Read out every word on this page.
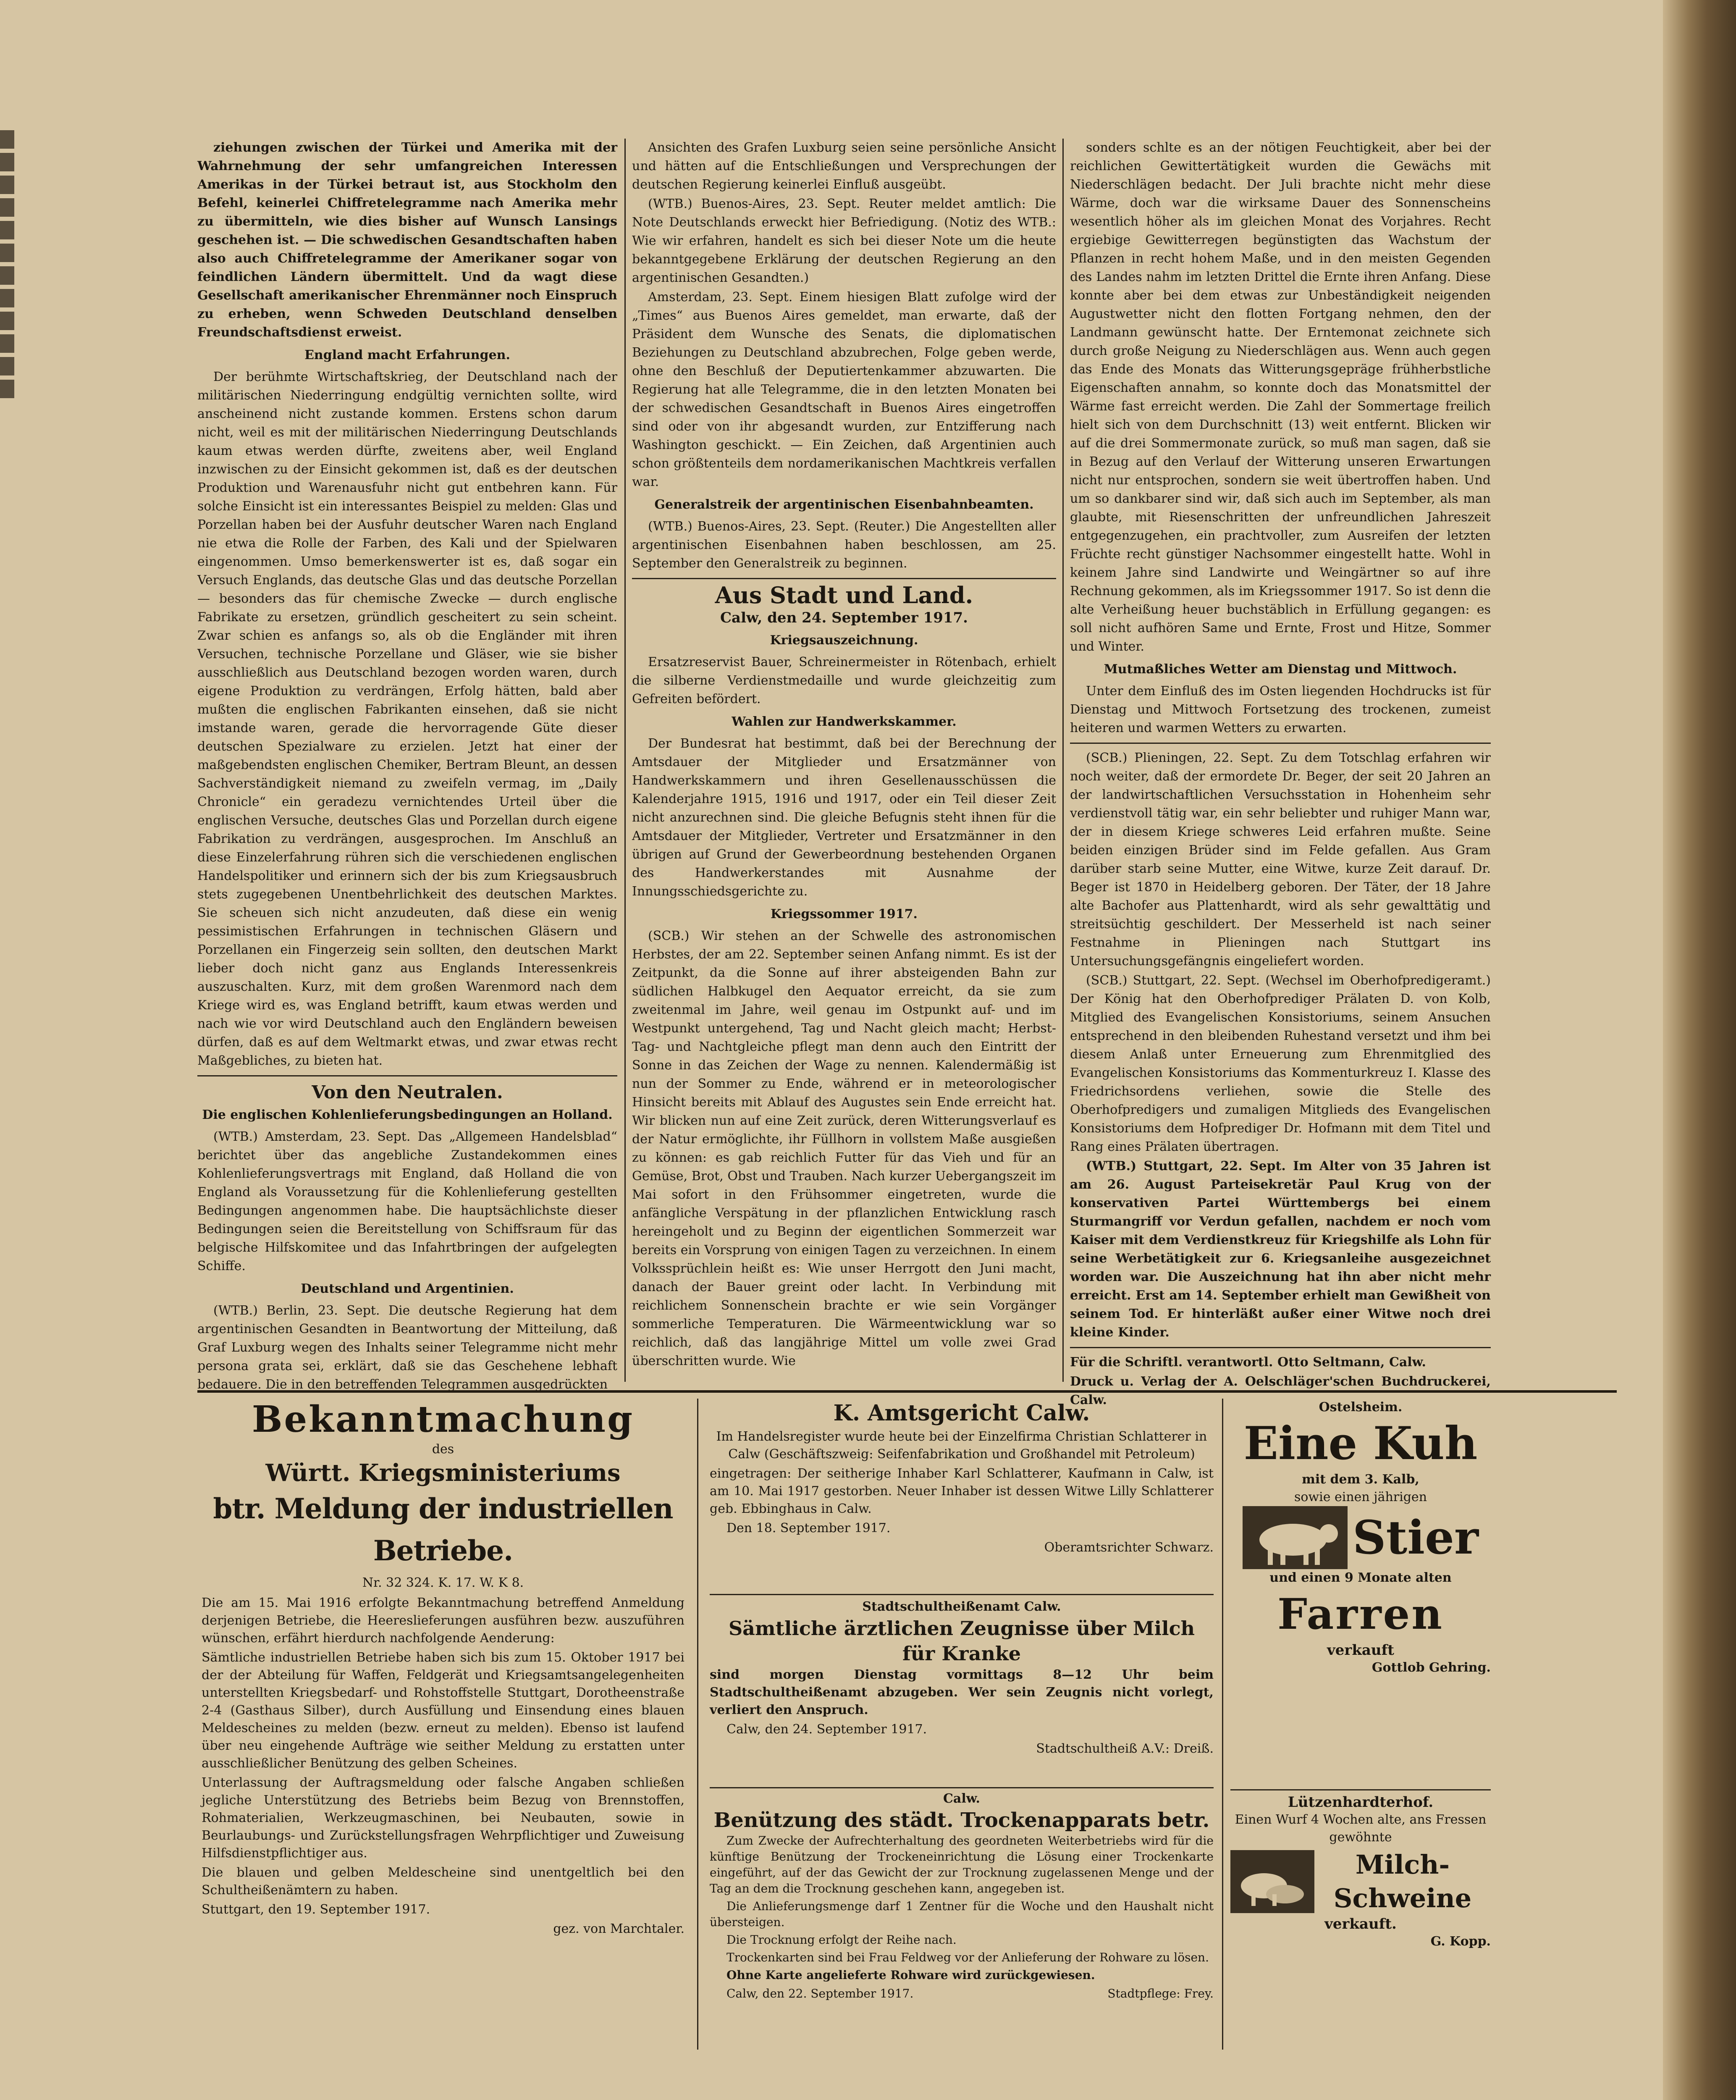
ziehungen zwischen der Türkei und Amerika mit der Wahrnehmung der sehr umfangreichen Interessen Amerikas in der Türkei betraut ist, aus Stockholm den Befehl, keinerlei Chiffretelegramme nach Amerika mehr zu übermitteln, wie dies bisher auf Wunsch Lansings geschehen ist. — Die schwedischen Gesandtschaften haben also auch Chiffretelegramme der Amerikaner sogar von feindlichen Ländern übermittelt. Und da wagt diese Gesellschaft amerikanischer Ehrenmänner noch Einspruch zu erheben, wenn Schweden Deutschland denselben Freundschaftsdienst erweist.

England macht Erfahrungen.

Der berühmte Wirtschaftskrieg, der Deutschland nach der militärischen Niederringung endgültig vernichten sollte, wird anscheinend nicht zustande kommen. Erstens schon darum nicht, weil es mit der militärischen Niederringung Deutschlands kaum etwas werden dürfte, zweitens aber, weil England inzwischen zu der Einsicht gekommen ist, daß es der deutschen Produktion und Warenausfuhr nicht gut entbehren kann. Für solche Einsicht ist ein interessantes Beispiel zu melden: Glas und Porzellan haben bei der Ausfuhr deutscher Waren nach England nie etwa die Rolle der Farben, des Kali und der Spielwaren eingenommen. Umso bemerkenswerter ist es, daß sogar ein Versuch Englands, das deutsche Glas und das deutsche Porzellan — besonders das für chemische Zwecke — durch englische Fabrikate zu ersetzen, gründlich gescheitert zu sein scheint. Zwar schien es anfangs so, als ob die Engländer mit ihren Versuchen, technische Porzellane und Gläser, wie sie bisher ausschließlich aus Deutschland bezogen worden waren, durch eigene Produktion zu verdrängen, Erfolg hätten, bald aber mußten die englischen Fabrikanten einsehen, daß sie nicht imstande waren, gerade die hervorragende Güte dieser deutschen Spezialware zu erzielen. Jetzt hat einer der maßgebendsten englischen Chemiker, Bertram Bleunt, an dessen Sachverständigkeit niemand zu zweifeln vermag, im „Daily Chronicle“ ein geradezu vernichtendes Urteil über die englischen Versuche, deutsches Glas und Porzellan durch eigene Fabrikation zu verdrängen, ausgesprochen. Im Anschluß an diese Einzelerfahrung rühren sich die verschiedenen englischen Handelspolitiker und erinnern sich der bis zum Kriegsausbruch stets zugegebenen Unentbehrlichkeit des deutschen Marktes. Sie scheuen sich nicht anzudeuten, daß diese ein wenig pessimistischen Erfahrungen in technischen Gläsern und Porzellanen ein Fingerzeig sein sollten, den deutschen Markt lieber doch nicht ganz aus Englands Interessenkreis auszuschalten. Kurz, mit dem großen Warenmord nach dem Kriege wird es, was England betrifft, kaum etwas werden und nach wie vor wird Deutschland auch den Engländern beweisen dürfen, daß es auf dem Weltmarkt etwas, und zwar etwas recht Maßgebliches, zu bieten hat.

Von den Neutralen.
Die englischen Kohlenlieferungsbedingungen an Holland.

(WTB.) Amsterdam, 23. Sept. Das „Allgemeen Handelsblad“ berichtet über das angebliche Zustandekommen eines Kohlenlieferungsvertrags mit England, daß Holland die von England als Voraussetzung für die Kohlenlieferung gestellten Bedingungen angenommen habe. Die hauptsächlichste dieser Bedingungen seien die Bereitstellung von Schiffsraum für das belgische Hilfskomitee und das Infahrtbringen der aufgelegten Schiffe.

Deutschland und Argentinien.

(WTB.) Berlin, 23. Sept. Die deutsche Regierung hat dem argentinischen Gesandten in Beantwortung der Mitteilung, daß Graf Luxburg wegen des Inhalts seiner Telegramme nicht mehr persona grata sei, erklärt, daß sie das Geschehene lebhaft bedauere. Die in den betreffenden Telegrammen ausgedrückten

Ansichten des Grafen Luxburg seien seine persönliche Ansicht und hätten auf die Entschließungen und Versprechungen der deutschen Regierung keinerlei Einfluß ausgeübt.

(WTB.) Buenos-Aires, 23. Sept. Reuter meldet amtlich: Die Note Deutschlands erweckt hier Befriedigung. (Notiz des WTB.: Wie wir erfahren, handelt es sich bei dieser Note um die heute bekanntgegebene Erklärung der deutschen Regierung an den argentinischen Gesandten.)

Amsterdam, 23. Sept. Einem hiesigen Blatt zufolge wird der „Times“ aus Buenos Aires gemeldet, man erwarte, daß der Präsident dem Wunsche des Senats, die diplomatischen Beziehungen zu Deutschland abzubrechen, Folge geben werde, ohne den Beschluß der Deputiertenkammer abzuwarten. Die Regierung hat alle Telegramme, die in den letzten Monaten bei der schwedischen Gesandtschaft in Buenos Aires eingetroffen sind oder von ihr abgesandt wurden, zur Entzifferung nach Washington geschickt. — Ein Zeichen, daß Argentinien auch schon größtenteils dem nordamerikanischen Machtkreis verfallen war.

Generalstreik der argentinischen Eisenbahnbeamten.

(WTB.) Buenos-Aires, 23. Sept. (Reuter.) Die Angestellten aller argentinischen Eisenbahnen haben beschlossen, am 25. September den Generalstreik zu beginnen.

Aus Stadt und Land.
Calw, den 24. September 1917.
Kriegsauszeichnung.

Ersatzreservist Bauer, Schreinermeister in Rötenbach, erhielt die silberne Verdienstmedaille und wurde gleichzeitig zum Gefreiten befördert.

Wahlen zur Handwerkskammer.

Der Bundesrat hat bestimmt, daß bei der Berechnung der Amtsdauer der Mitglieder und Ersatzmänner von Handwerkskammern und ihren Gesellenausschüssen die Kalenderjahre 1915, 1916 und 1917, oder ein Teil dieser Zeit nicht anzurechnen sind. Die gleiche Befugnis steht ihnen für die Amtsdauer der Mitglieder, Vertreter und Ersatzmänner in den übrigen auf Grund der Gewerbeordnung bestehenden Organen des Handwerkerstandes mit Ausnahme der Innungsschiedsgerichte zu.

Kriegssommer 1917.

(SCB.) Wir stehen an der Schwelle des astronomischen Herbstes, der am 22. September seinen Anfang nimmt. Es ist der Zeitpunkt, da die Sonne auf ihrer absteigenden Bahn zur südlichen Halbkugel den Aequator erreicht, da sie zum zweitenmal im Jahre, weil genau im Ostpunkt auf- und im Westpunkt untergehend, Tag und Nacht gleich macht; Herbst-Tag- und Nachtgleiche pflegt man denn auch den Eintritt der Sonne in das Zeichen der Wage zu nennen. Kalendermäßig ist nun der Sommer zu Ende, während er in meteorologischer Hinsicht bereits mit Ablauf des Augustes sein Ende erreicht hat. Wir blicken nun auf eine Zeit zurück, deren Witterungsverlauf es der Natur ermöglichte, ihr Füllhorn in vollstem Maße ausgießen zu können: es gab reichlich Futter für das Vieh und für an Gemüse, Brot, Obst und Trauben. Nach kurzer Uebergangszeit im Mai sofort in den Frühsommer eingetreten, wurde die anfängliche Verspätung in der pflanzlichen Entwicklung rasch hereingeholt und zu Beginn der eigentlichen Sommerzeit war bereits ein Vorsprung von einigen Tagen zu verzeichnen. In einem Volkssprüchlein heißt es: Wie unser Herrgott den Juni macht, danach der Bauer greint oder lacht. In Verbindung mit reichlichem Sonnenschein brachte er wie sein Vorgänger sommerliche Temperaturen. Die Wärmeentwicklung war so reichlich, daß das langjährige Mittel um volle zwei Grad überschritten wurde. Wie

sonders schlte es an der nötigen Feuchtigkeit, aber bei der reichlichen Gewittertätigkeit wurden die Gewächs mit Niederschlägen bedacht. Der Juli brachte nicht mehr diese Wärme, doch war die wirksame Dauer des Sonnenscheins wesentlich höher als im gleichen Monat des Vorjahres. Recht ergiebige Gewitterregen begünstigten das Wachstum der Pflanzen in recht hohem Maße, und in den meisten Gegenden des Landes nahm im letzten Drittel die Ernte ihren Anfang. Diese konnte aber bei dem etwas zur Unbeständigkeit neigenden Augustwetter nicht den flotten Fortgang nehmen, den der Landmann gewünscht hatte. Der Erntemonat zeichnete sich durch große Neigung zu Niederschlägen aus. Wenn auch gegen das Ende des Monats das Witterungsgepräge frühherbstliche Eigenschaften annahm, so konnte doch das Monatsmittel der Wärme fast erreicht werden. Die Zahl der Sommertage freilich hielt sich von dem Durchschnitt (13) weit entfernt. Blicken wir auf die drei Sommermonate zurück, so muß man sagen, daß sie in Bezug auf den Verlauf der Witterung unseren Erwartungen nicht nur entsprochen, sondern sie weit übertroffen haben. Und um so dankbarer sind wir, daß sich auch im September, als man glaubte, mit Riesenschritten der unfreundlichen Jahreszeit entgegenzugehen, ein prachtvoller, zum Ausreifen der letzten Früchte recht günstiger Nachsommer eingestellt hatte. Wohl in keinem Jahre sind Landwirte und Weingärtner so auf ihre Rechnung gekommen, als im Kriegssommer 1917. So ist denn die alte Verheißung heuer buchstäblich in Erfüllung gegangen: es soll nicht aufhören Same und Ernte, Frost und Hitze, Sommer und Winter.

Mutmaßliches Wetter am Dienstag und Mittwoch.

Unter dem Einfluß des im Osten liegenden Hochdrucks ist für Dienstag und Mittwoch Fortsetzung des trockenen, zumeist heiteren und warmen Wetters zu erwarten.

(SCB.) Plieningen, 22. Sept. Zu dem Totschlag erfahren wir noch weiter, daß der ermordete Dr. Beger, der seit 20 Jahren an der landwirtschaftlichen Versuchsstation in Hohenheim sehr verdienstvoll tätig war, ein sehr beliebter und ruhiger Mann war, der in diesem Kriege schweres Leid erfahren mußte. Seine beiden einzigen Brüder sind im Felde gefallen. Aus Gram darüber starb seine Mutter, eine Witwe, kurze Zeit darauf. Dr. Beger ist 1870 in Heidelberg geboren. Der Täter, der 18 Jahre alte Bachofer aus Plattenhardt, wird als sehr gewalttätig und streitsüchtig geschildert. Der Messerheld ist nach seiner Festnahme in Plieningen nach Stuttgart ins Untersuchungsgefängnis eingeliefert worden.

(SCB.) Stuttgart, 22. Sept. (Wechsel im Oberhofpredigeramt.) Der König hat den Oberhofprediger Prälaten D. von Kolb, Mitglied des Evangelischen Konsistoriums, seinem Ansuchen entsprechend in den bleibenden Ruhestand versetzt und ihm bei diesem Anlaß unter Erneuerung zum Ehrenmitglied des Evangelischen Konsistoriums das Kommenturkreuz I. Klasse des Friedrichsordens verliehen, sowie die Stelle des Oberhofpredigers und zumaligen Mitglieds des Evangelischen Konsistoriums dem Hofprediger Dr. Hofmann mit dem Titel und Rang eines Prälaten übertragen.

(WTB.) Stuttgart, 22. Sept. Im Alter von 35 Jahren ist am 26. August Parteisekretär Paul Krug von der konservativen Partei Württembergs bei einem Sturmangriff vor Verdun gefallen, nachdem er noch vom Kaiser mit dem Verdienstkreuz für Kriegshilfe als Lohn für seine Werbetätigkeit zur 6. Kriegsanleihe ausgezeichnet worden war. Die Auszeichnung hat ihn aber nicht mehr erreicht. Erst am 14. September erhielt man Gewißheit von seinem Tod. Er hinterläßt außer einer Witwe noch drei kleine Kinder.

Für die Schriftl. verantwortl. Otto Seltmann, Calw.

Druck u. Verlag der A. Oelschläger'schen Buchdruckerei, Calw.

Bekanntmachung
des
Württ. Kriegsministeriums
btr. Meldung der industriellen Betriebe.
Nr. 32 324. K. 17. W. K 8.

Die am 15. Mai 1916 erfolgte Bekanntmachung betreffend Anmeldung derjenigen Betriebe, die Heereslieferungen ausführen bezw. auszuführen wünschen, erfährt hierdurch nachfolgende Aenderung:

Sämtliche industriellen Betriebe haben sich bis zum 15. Oktober 1917 bei der der Abteilung für Waffen, Feldgerät und Kriegsamtsangelegenheiten unterstellten Kriegsbedarf- und Rohstoffstelle Stuttgart, Dorotheenstraße 2-4 (Gasthaus Silber), durch Ausfüllung und Einsendung eines blauen Meldescheines zu melden (bezw. erneut zu melden). Ebenso ist laufend über neu eingehende Aufträge wie seither Meldung zu erstatten unter ausschließlicher Benützung des gelben Scheines.

Unterlassung der Auftragsmeldung oder falsche Angaben schließen jegliche Unterstützung des Betriebs beim Bezug von Brennstoffen, Rohmaterialien, Werkzeugmaschinen, bei Neubauten, sowie in Beurlaubungs- und Zurückstellungsfragen Wehrpflichtiger und Zuweisung Hilfsdienstpflichtiger aus.

Die blauen und gelben Meldescheine sind unentgeltlich bei den Schultheißenämtern zu haben.

Stuttgart, den 19. September 1917.

gez. von Marchtaler.

K. Amtsgericht Calw.

Im Handelsregister wurde heute bei der Einzelfirma Christian Schlatterer in Calw (Geschäftszweig: Seifenfabrikation und Großhandel mit Petroleum)

eingetragen: Der seitherige Inhaber Karl Schlatterer, Kaufmann in Calw, ist am 10. Mai 1917 gestorben. Neuer Inhaber ist dessen Witwe Lilly Schlatterer geb. Ebbinghaus in Calw.

Den 18. September 1917.

Oberamtsrichter Schwarz.

Stadtschultheißenamt Calw.
Sämtliche ärztlichen Zeugnisse über Milch für Kranke

sind morgen Dienstag vormittags 8—12 Uhr beim Stadtschultheißenamt abzugeben. Wer sein Zeugnis nicht vorlegt, verliert den Anspruch.

Calw, den 24. September 1917.

Stadtschultheiß A.V.: Dreiß.

Calw.
Benützung des städt. Trockenapparats betr.

Zum Zwecke der Aufrechterhaltung des geordneten Weiterbetriebs wird für die künftige Benützung der Trockeneinrichtung die Lösung einer Trockenkarte eingeführt, auf der das Gewicht der zur Trocknung zugelassenen Menge und der Tag an dem die Trocknung geschehen kann, angegeben ist.

Die Anlieferungsmenge darf 1 Zentner für die Woche und den Haushalt nicht übersteigen.

Die Trocknung erfolgt der Reihe nach.

Trockenkarten sind bei Frau Feldweg vor der Anlieferung der Rohware zu lösen.

Ohne Karte angelieferte Rohware wird zurückgewiesen.

Calw, den 22. September 1917.	Stadtpflege: Frey.
Ostelsheim.
Eine Kuh
mit dem 3. Kalb,
sowie einen jährigen
Stier
und einen 9 Monate alten
Farren
verkauft
Gottlob Gehring.
Lützenhardterhof.

Einen Wurf 4 Wochen alte, ans Fressen gewöhnte

Milch-
Schweine
verkauft.
G. Kopp.
